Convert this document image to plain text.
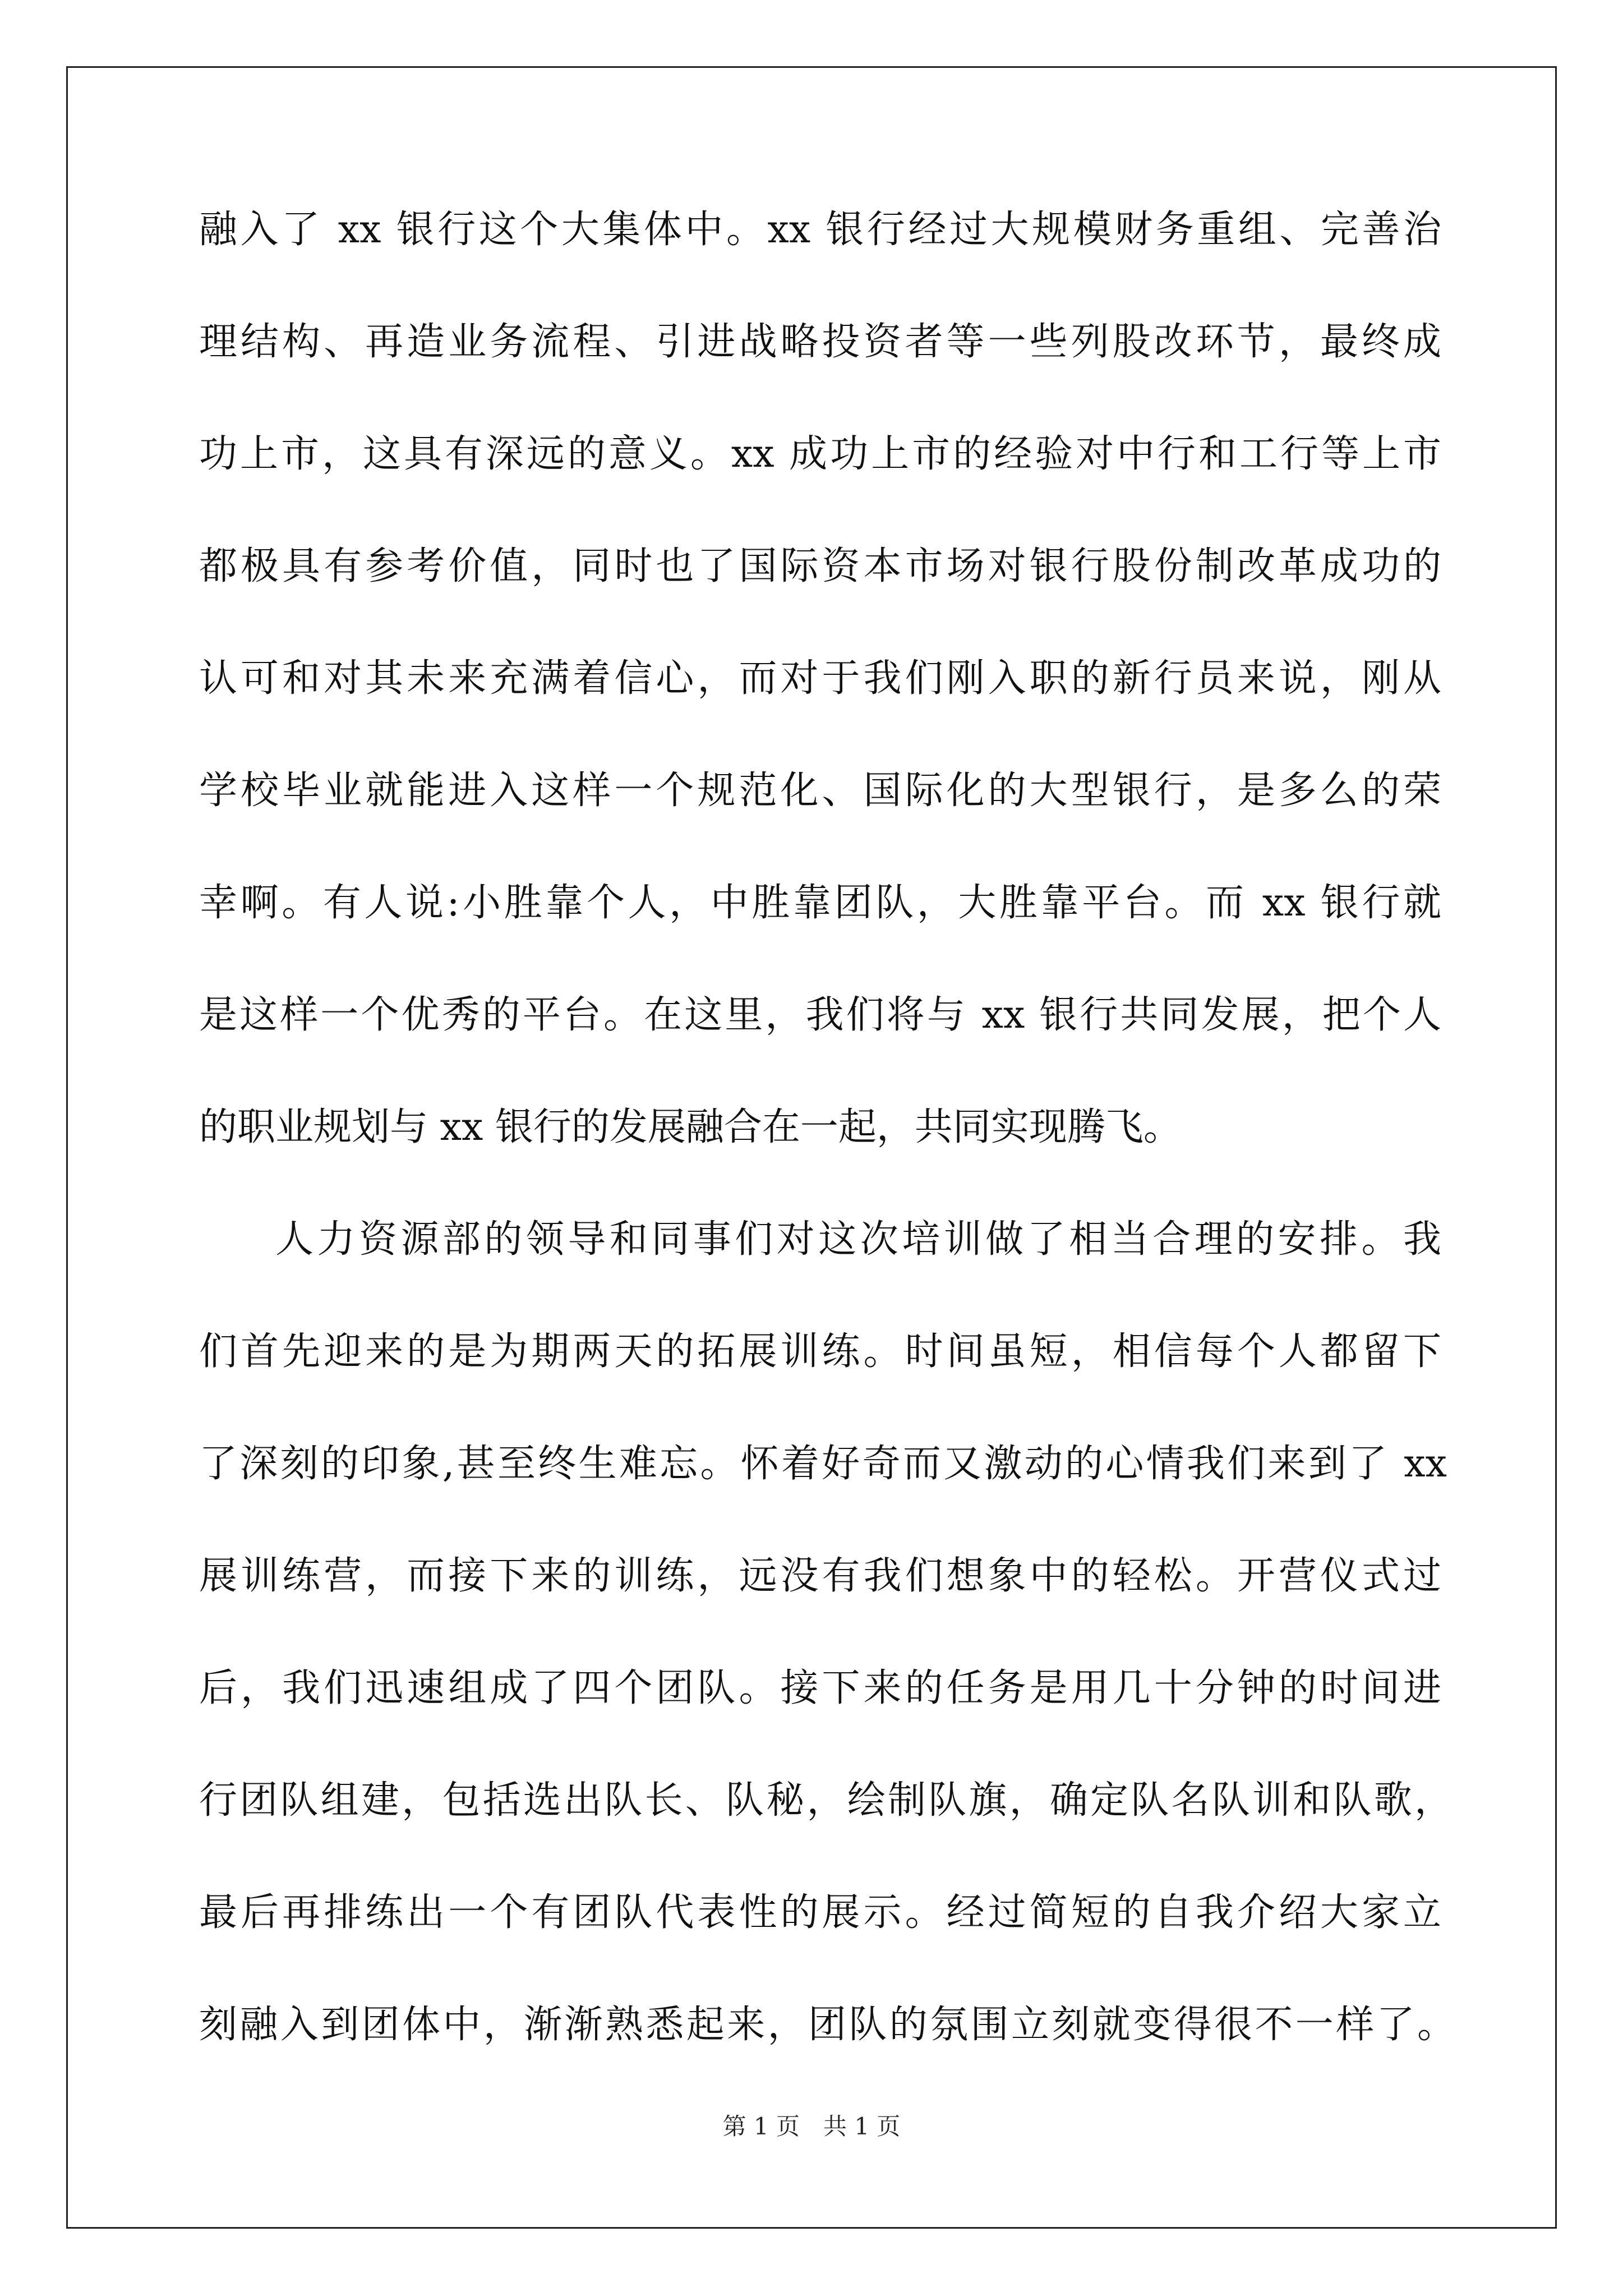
融入了 xx 银行这个大集体中。xx 银行经过大规模财务重组、完善治
理结构、再造业务流程、引进战略投资者等一些列股改环节，最终成
功上市，这具有深远的意义。xx 成功上市的经验对中行和工行等上市
都极具有参考价值，同时也了国际资本市场对银行股份制改革成功的
认可和对其未来充满着信心，而对于我们刚入职的新行员来说，刚从
学校毕业就能进入这样一个规范化、国际化的大型银行，是多么的荣
幸啊。有人说:小胜靠个人，中胜靠团队，大胜靠平台。而 xx 银行就
是这样一个优秀的平台。在这里，我们将与 xx 银行共同发展，把个人
的职业规划与 xx 银行的发展融合在一起，共同实现腾飞。
人力资源部的领导和同事们对这次培训做了相当合理的安排。我
们首先迎来的是为期两天的拓展训练。时间虽短，相信每个人都留下
了深刻的印象,甚至终生难忘。怀着好奇而又激动的心情我们来到了 xx
展训练营，而接下来的训练，远没有我们想象中的轻松。开营仪式过
后，我们迅速组成了四个团队。接下来的任务是用几十分钟的时间进
行团队组建，包括选出队长、队秘，绘制队旗，确定队名队训和队歌，
最后再排练出一个有团队代表性的展示。经过简短的自我介绍大家立
刻融入到团体中，渐渐熟悉起来，团队的氛围立刻就变得很不一样了。
第 1 页　共 1 页
